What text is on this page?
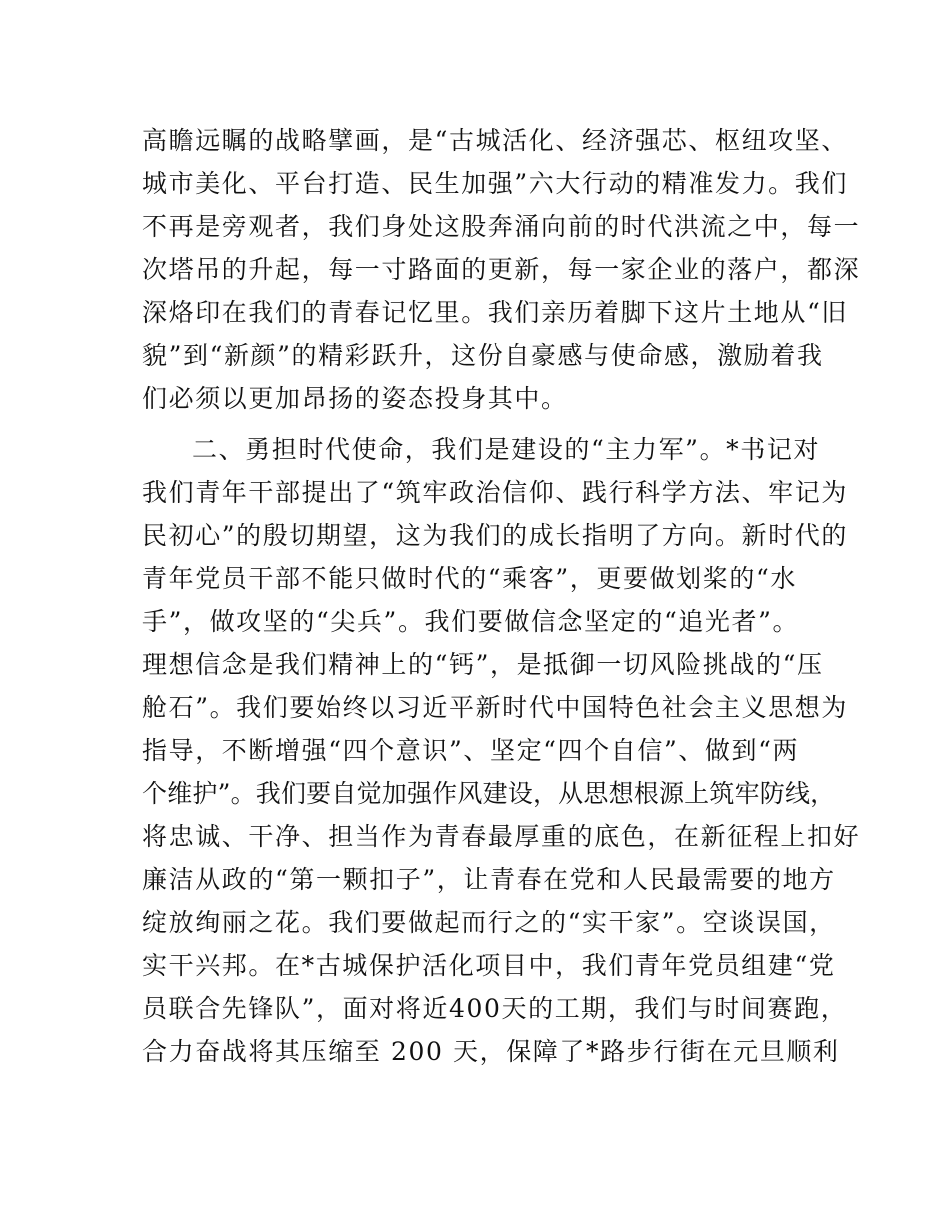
高瞻远瞩的战略擘画，是“古城活化、经济强芯、枢纽攻坚、
城市美化、平台打造、民生加强”六大行动的精准发力。我们
不再是旁观者，我们身处这股奔涌向前的时代洪流之中，每一
次塔吊的升起，每一寸路面的更新，每一家企业的落户，都深
深烙印在我们的青春记忆里。我们亲历着脚下这片土地从“旧
貌”到“新颜”的精彩跃升，这份自豪感与使命感，激励着我
们必须以更加昂扬的姿态投身其中。
二、勇担时代使命，我们是建设的“主力军”。*书记对
我们青年干部提出了“筑牢政治信仰、践行科学方法、牢记为
民初心”的殷切期望，这为我们的成长指明了方向。新时代的
青年党员干部不能只做时代的“乘客”，更要做划桨的“水
手”，做攻坚的“尖兵”。我们要做信念坚定的“追光者”。
理想信念是我们精神上的“钙”，是抵御一切风险挑战的“压
舱石”。我们要始终以习近平新时代中国特色社会主义思想为
指导，不断增强“四个意识”、坚定“四个自信”、做到“两
个维护”。我们要自觉加强作风建设，从思想根源上筑牢防线，
将忠诚、干净、担当作为青春最厚重的底色，在新征程上扣好
廉洁从政的“第一颗扣子”，让青春在党和人民最需要的地方
绽放绚丽之花。我们要做起而行之的“实干家”。空谈误国，
实干兴邦。在*古城保护活化项目中，我们青年党员组建“党
员联合先锋队”，面对将近400天的工期，我们与时间赛跑，
合力奋战将其压缩至 200 天，保障了*路步行街在元旦顺利
